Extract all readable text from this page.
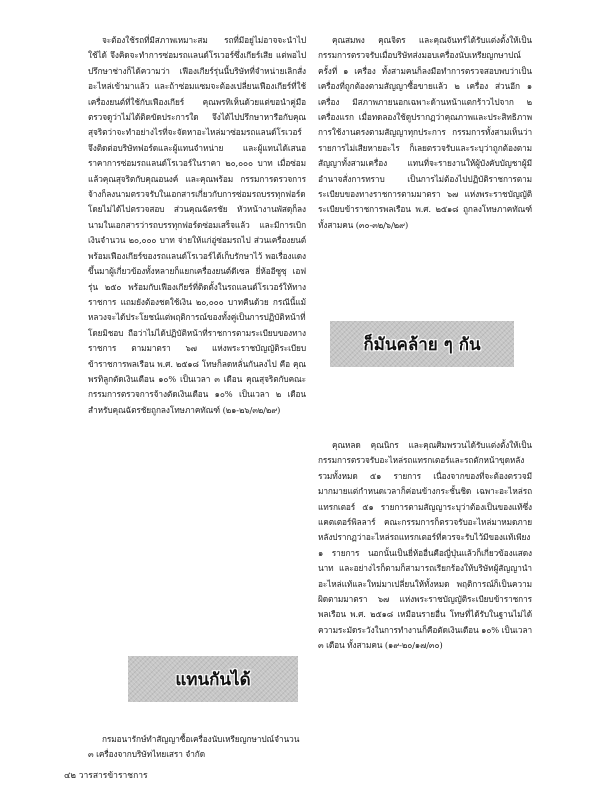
จะต้องใช้รถที่มีสภาพเหมาะสม รถที่มีอยู่ไม่อาจจะนำไปใช้ได้ จึงคิดจะทำการซ่อมรถแลนด์โรเวอร์ซึ่งเกียร์เสีย แต่พอไปปรึกษาช่างก็ได้ความว่า เฟืองเกียร์รุ่นนี้บริษัทที่จำหน่ายเลิกสั่งอะไหล่เข้ามาแล้ว และถ้าซ่อมแซมจะต้องเปลี่ยนเฟืองเกียร์ที่ใช้เครื่องยนต์ที่ใช้กับเฟืองเกียร์ คุณพรทิเห็นด้วยแต่ขอนำคู่มือตรวจดูว่าไม่ได้ติดขัดประการใด จึงได้ไปปรึกษาหารือกับคุณสุจริตว่าจะทำอย่างไรที่จะจัดหาอะไหล่มาซ่อมรถแลนด์โรเวอร์ จึงติดต่อบริษัทฟอร์ดและผู้แทนจำหน่าย และผู้แทนได้เสนอราคาการซ่อมรถแลนด์โรเวอร์ในราคา ๒๐,๐๐๐ บาท เมื่อซ่อมแล้วคุณสุจริตกับคุณอนงค์ และคุณพร้อม กรรมการตรวจการจ้างก็ลงนามตรวจรับในเอกสารเกี่ยวกับการซ่อมรถบรรทุกฟอร์ดโดยไม่ได้ไปตรวจสอบ ส่วนคุณฉัตรชัย หัวหน้างานพัสดุก็ลงนามในเอกสารว่ารถบรรทุกฟอร์ดซ่อมเสร็จแล้ว และมีการเบิกเงินจำนวน ๒๐,๐๐๐ บาท จ่ายให้แก่อู่ซ่อมรถไป ส่วนเครื่องยนต์พร้อมเฟืองเกียร์ของรถแลนด์โรเวอร์ได้เก็บรักษาไว้ พอเรื่องแดงขึ้นมาผู้เกี่ยวข้องทั้งหลายก็แยกเครื่องยนต์ดีเซล ยี่ห้ออีซูซุ เอฟ รุ่น ๒๕๐ พร้อมกับเฟืองเกียร์ที่ติดตั้งในรถแลนด์โรเวอร์ให้ทางราชการ แถมยังต้องชดใช้เงิน ๒๐,๐๐๐ บาทคืนด้วย กรณีนี้แม้หลวงจะได้ประโยชน์แต่พฤติการณ์ของทั้งคู่เป็นการปฏิบัติหน้าที่โดยมิชอบ ถือว่าไม่ได้ปฏิบัติหน้าที่ราชการตามระเบียบของทางราชการ ตามมาตรา ๖๗ แห่งพระราชบัญญัติระเบียบข้าราชการพลเรือน พ.ศ. ๒๕๑๘ โทษก็ลดหลั่นกันลงไป คือ คุณพรทิลูกตัดเงินเดือน ๑๐% เป็นเวลา ๓ เดือน คุณสุจริตกับคณะกรรมการตรวจการจ้างตัดเงินเดือน ๑๐% เป็นเวลา ๒ เดือน สำหรับคุณฉัตรชัยถูกลงโทษภาคทัณฑ์ (๒๑-๒๖/๓๒/๒๙)

กรมอนารักษ์ทำสัญญาซื้อเครื่องนับเหรียญกษาปณ์จำนวน ๓ เครื่องจากบริษัทไทยเสรา จำกัด

แทนกันได้

คุณสมพง คุณจิตร และคุณจันทร์ได้รับแต่งตั้งให้เป็นกรรมการตรวจรับเมื่อบริษัทส่งมอบเครื่องนับเหรียญกษาปณ์ครั้งที่ ๑ เครื่อง ทั้งสามคนก็ลงมือทำการตรวจสอบพบว่าเป็นเครื่องที่ถูกต้องตามสัญญาซื้อขายแล้ว ๒ เครื่อง ส่วนอีก ๑ เครื่อง มีสภาพภายนอกเฉพาะด้านหน้าแตกร้าวไปจาก ๒ เครื่องแรก เมื่อทดลองใช้ดูปรากฏว่าคุณภาพและประสิทธิภาพการใช้งานตรงตามสัญญาทุกประการ กรรมการทั้งสามเห็นว่ารายการไม่เสียหายอะไร ก็เลยตรวจรับและระบุว่าถูกต้องตามสัญญาทั้งสามเครื่อง แทนที่จะรายงานให้ผู้บังคับบัญชาผู้มีอำนาจสั่งการทราบ เป็นการไม่ต้องไปปฏิบัติราชการตามระเบียบของทางราชการตามมาตรา ๖๗ แห่งพระราชบัญญัติระเบียบข้าราชการพลเรือน พ.ศ. ๒๕๑๘ ถูกลงโทษภาคทัณฑ์ทั้งสามคน (๓๐-๓๒/๖/๒๙)

คุณหลด คุณนิกร และคุณศิมพรวนได้รับแต่งตั้งให้เป็นกรรมการตรวจรับอะไหล่รถแทรกเตอร์และรถตักหน้าขุดหลัง รวมทั้งหมด ๕๑ รายการ เนื่องจากของที่จะต้องตรวจมีมากมายแต่กำหนดเวลาก็ค่อนข้างกระชั้นชิด เฉพาะอะไหล่รถแทรกเตอร์ ๕๑ รายการตามสัญญาระบุว่าต้องเป็นของแท้ซึ่งแคตเตอร์พิลลาร์ คณะกรรมการก็ตรวจรับอะไหล่มาหมดภายหลังปรากฏว่าอะไหล่รถแทรกเตอร์ที่ควรจะรับไว้มีของแท้เพียง ๑ รายการ นอกนั้นเป็นยี่ห้ออื่นคือญี่ปุ่นแล้วก็เกี่ยวข้องแสดงนาท และอย่างไรก็ตามก็สามารถเรียกร้องให้บริษัทผู้สัญญานำอะไหล่แท้และใหม่มาเปลี่ยนให้ทั้งหมด พฤติการณ์ก็เป็นความผิดตามมาตรา ๖๗ แห่งพระราชบัญญัติระเบียบข้าราชการพลเรือน พ.ศ. ๒๕๑๘ เหมือนรายอื่น โทษที่ได้รับในฐานไม่ได้ความระมัดระวังในการทำงานก็คือตัดเงินเดือน ๑๐% เป็นเวลา ๓ เดือน ทั้งสามคน (๑๙-๒๐/๑๗/๓๐)

ก็มันคล้าย ๆ กัน
๔๒ วารสารข้าราชการ
